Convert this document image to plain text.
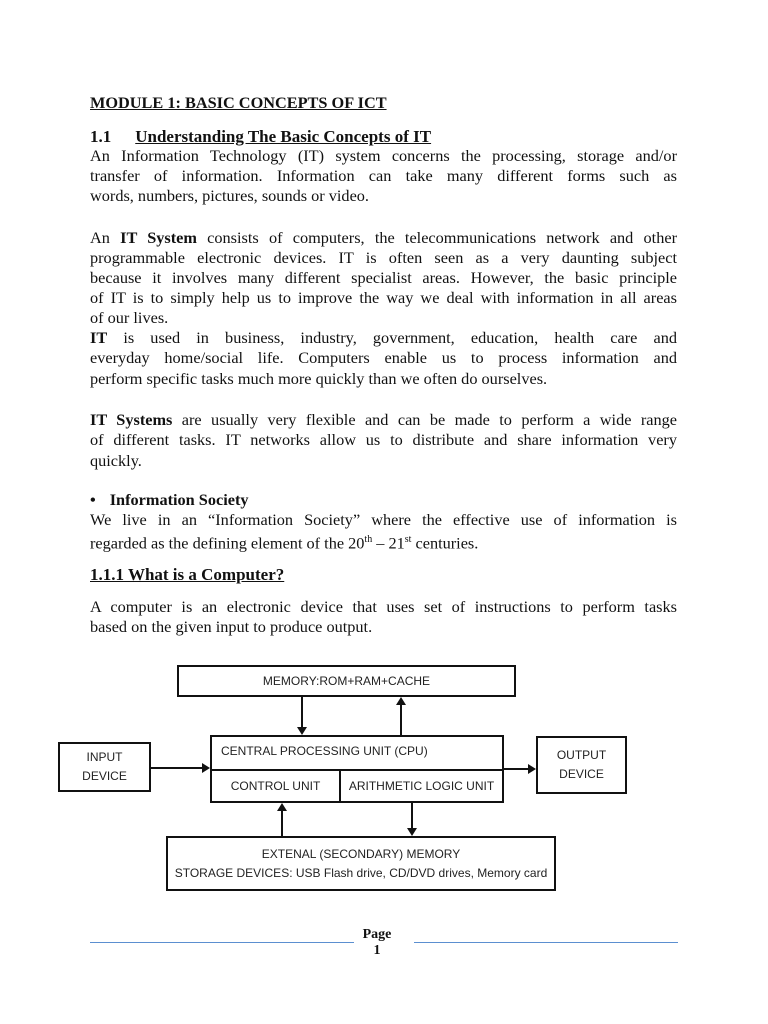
MODULE 1: BASIC CONCEPTS OF ICT
1.1 Understanding The Basic Concepts of IT
An Information Technology (IT) system concerns the processing, storage and/or
transfer of information. Information can take many different forms such as
words, numbers, pictures, sounds or video.
An IT System consists of computers, the telecommunications network and other
programmable electronic devices. IT is often seen as a very daunting subject
because it involves many different specialist areas. However, the basic principle
of IT is to simply help us to improve the way we deal with information in all areas
of our lives.
IT is used in business, industry, government, education, health care and
everyday home/social life. Computers enable us to process information and
perform specific tasks much more quickly than we often do ourselves.
IT Systems are usually very flexible and can be made to perform a wide range
of different tasks. IT networks allow us to distribute and share information very
quickly.
• Information Society
We live in an “Information Society” where the effective use of information is
regarded as the defining element of the 20th – 21st centuries.
1.1.1 What is a Computer?
A computer is an electronic device that uses set of instructions to perform tasks
based on the given input to produce output.
MEMORY:ROM+RAM+CACHE
INPUT
DEVICE
CENTRAL PROCESSING UNIT (CPU)
CONTROL UNIT	ARITHMETIC LOGIC UNIT
OUTPUT
DEVICE
EXTENAL (SECONDARY) MEMORY
STORAGE DEVICES: USB Flash drive, CD/DVD drives, Memory card
Page
1
